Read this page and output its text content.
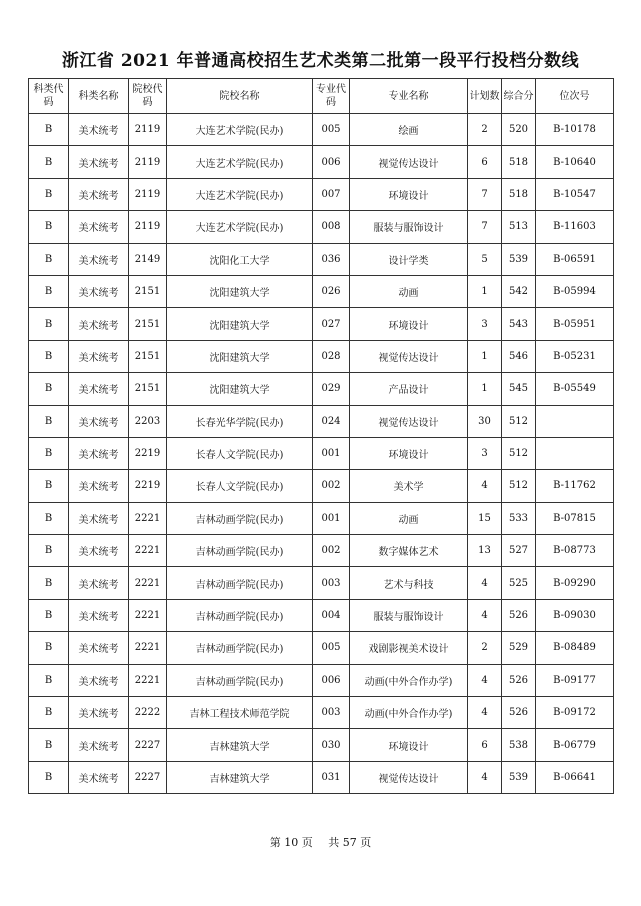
浙江省 2021 年普通高校招生艺术类第二批第一段平行投档分数线
科类代码	科类名称	院校代码	院校名称	专业代码	专业名称	计划数	综合分	位次号
B	美术统考	2119	大连艺术学院(民办)	005	绘画	2	520	B-10178
B	美术统考	2119	大连艺术学院(民办)	006	视觉传达设计	6	518	B-10640
B	美术统考	2119	大连艺术学院(民办)	007	环境设计	7	518	B-10547
B	美术统考	2119	大连艺术学院(民办)	008	服装与服饰设计	7	513	B-11603
B	美术统考	2149	沈阳化工大学	036	设计学类	5	539	B-06591
B	美术统考	2151	沈阳建筑大学	026	动画	1	542	B-05994
B	美术统考	2151	沈阳建筑大学	027	环境设计	3	543	B-05951
B	美术统考	2151	沈阳建筑大学	028	视觉传达设计	1	546	B-05231
B	美术统考	2151	沈阳建筑大学	029	产品设计	1	545	B-05549
B	美术统考	2203	长春光华学院(民办)	024	视觉传达设计	30	512	
B	美术统考	2219	长春人文学院(民办)	001	环境设计	3	512	
B	美术统考	2219	长春人文学院(民办)	002	美术学	4	512	B-11762
B	美术统考	2221	吉林动画学院(民办)	001	动画	15	533	B-07815
B	美术统考	2221	吉林动画学院(民办)	002	数字媒体艺术	13	527	B-08773
B	美术统考	2221	吉林动画学院(民办)	003	艺术与科技	4	525	B-09290
B	美术统考	2221	吉林动画学院(民办)	004	服装与服饰设计	4	526	B-09030
B	美术统考	2221	吉林动画学院(民办)	005	戏剧影视美术设计	2	529	B-08489
B	美术统考	2221	吉林动画学院(民办)	006	动画(中外合作办学)	4	526	B-09177
B	美术统考	2222	吉林工程技术师范学院	003	动画(中外合作办学)	4	526	B-09172
B	美术统考	2227	吉林建筑大学	030	环境设计	6	538	B-06779
B	美术统考	2227	吉林建筑大学	031	视觉传达设计	4	539	B-06641
第 10 页 共 57 页
